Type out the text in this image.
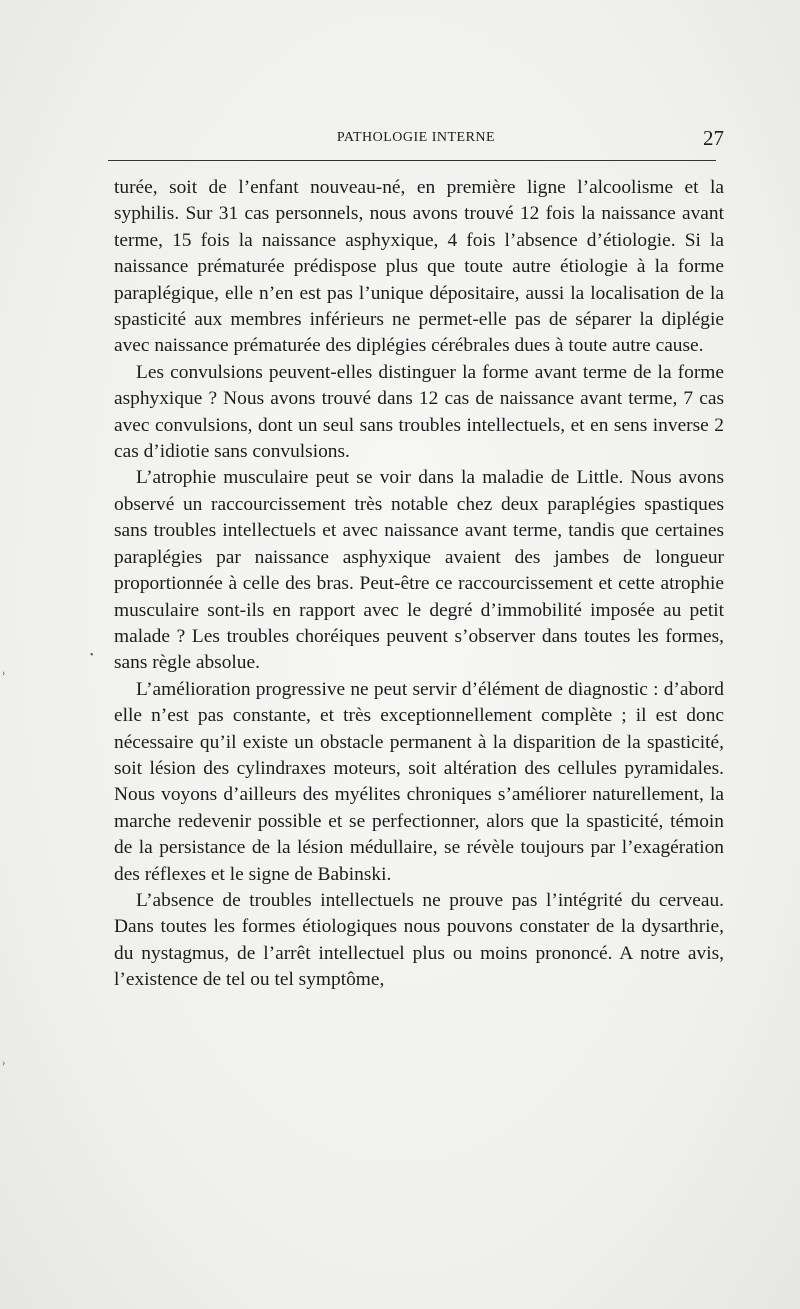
PATHOLOGIE INTERNE	27

turée, soit de l’enfant nouveau-né, en première ligne l’alcoolisme et la syphilis. Sur 31 cas personnels, nous avons trouvé 12 fois la naissance avant terme, 15 fois la naissance asphyxique, 4 fois l’absence d’étiologie. Si la naissance prématurée prédispose plus que toute autre étiologie à la forme paraplégique, elle n’en est pas l’unique dépositaire, aussi la localisation de la spasticité aux membres inférieurs ne permet-elle pas de séparer la diplégie avec naissance prématurée des diplégies cérébrales dues à toute autre cause.

Les convulsions peuvent-elles distinguer la forme avant terme de la forme asphyxique ? Nous avons trouvé dans 12 cas de naissance avant terme, 7 cas avec convulsions, dont un seul sans troubles intellectuels, et en sens inverse 2 cas d’idiotie sans convulsions.

L’atrophie musculaire peut se voir dans la maladie de Little. Nous avons observé un raccourcissement très notable chez deux paraplégies spastiques sans troubles intellectuels et avec naissance avant terme, tandis que certaines paraplégies par naissance asphyxique avaient des jambes de longueur proportionnée à celle des bras. Peut-être ce raccourcissement et cette atrophie musculaire sont-ils en rapport avec le degré d’immobilité imposée au petit malade ? Les troubles choréiques peuvent s’observer dans toutes les formes, sans règle absolue.

L’amélioration progressive ne peut servir d’élément de diagnostic : d’abord elle n’est pas constante, et très exceptionnellement complète ; il est donc nécessaire qu’il existe un obstacle permanent à la disparition de la spasticité, soit lésion des cylindraxes moteurs, soit altération des cellules pyramidales. Nous voyons d’ailleurs des myélites chroniques s’améliorer naturellement, la marche redevenir possible et se perfectionner, alors que la spasticité, témoin de la persistance de la lésion médullaire, se révèle toujours par l’exagération des réflexes et le signe de Babinski.

L’absence de troubles intellectuels ne prouve pas l’intégrité du cerveau. Dans toutes les formes étiologiques nous pouvons constater de la dysarthrie, du nystagmus, de l’arrêt intellectuel plus ou moins prononcé. A notre avis, l’existence de tel ou tel symptôme,

•
›
›
